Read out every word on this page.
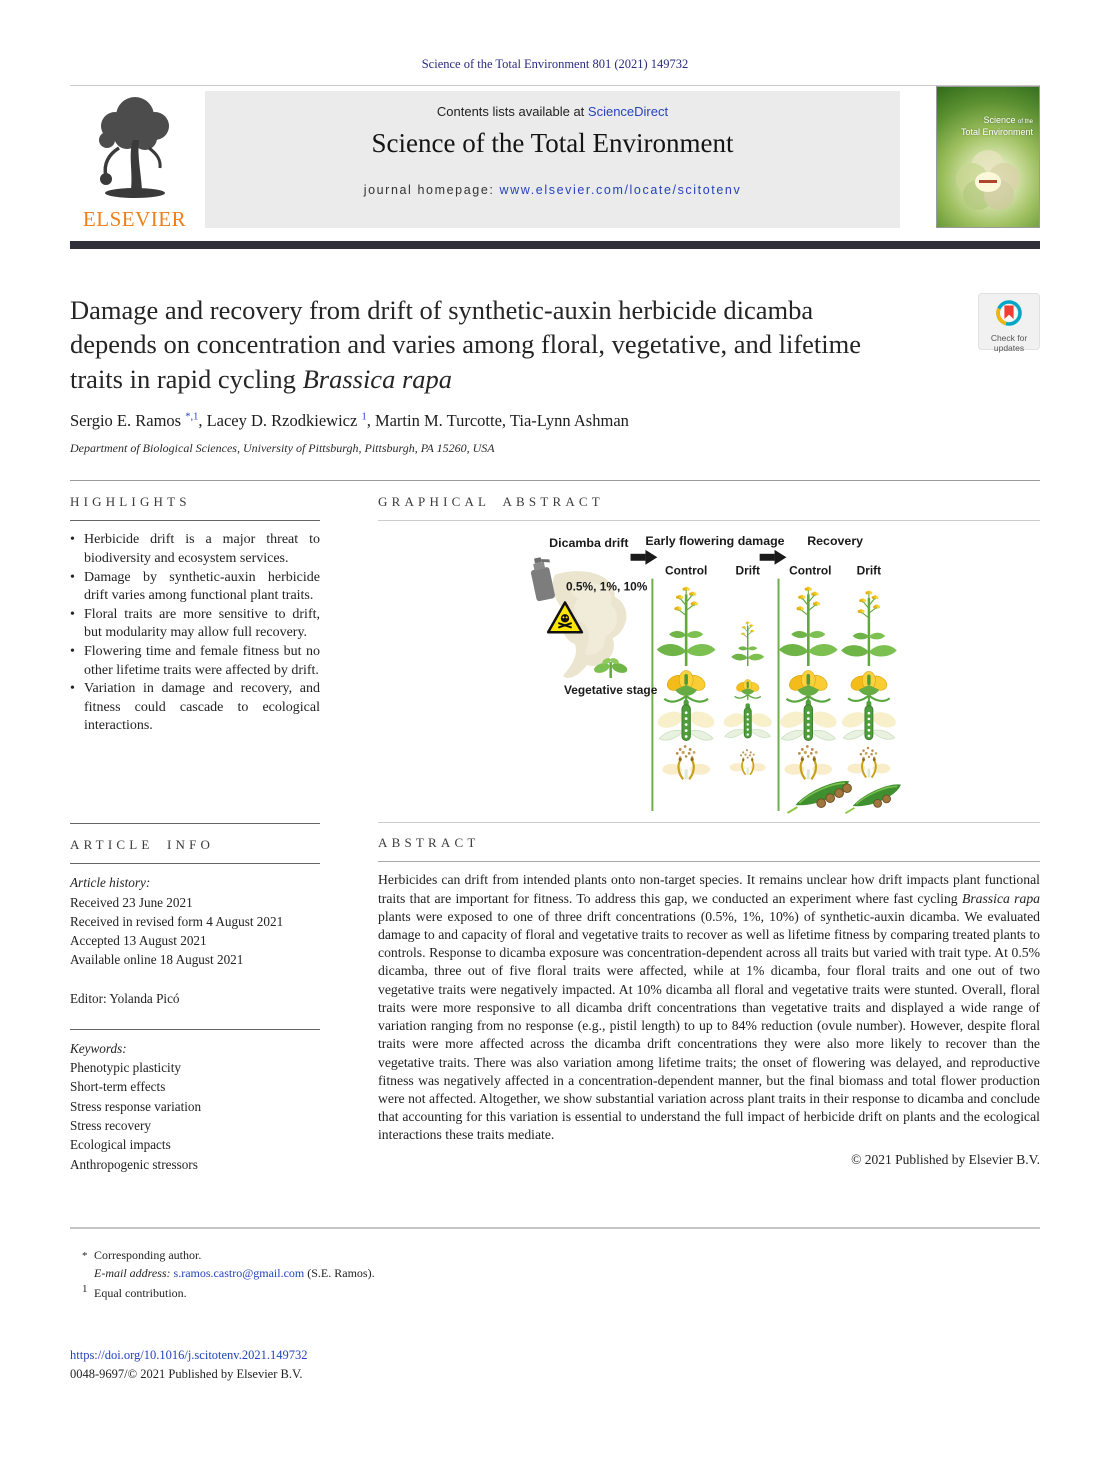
Science of the Total Environment 801 (2021) 149732
ELSEVIER
Contents lists available at ScienceDirect
Science of the Total Environment
journal homepage: www.elsevier.com/locate/scitotenv
Science of the
Total Environment
Damage and recovery from drift of synthetic-auxin herbicide dicamba depends on concentration and varies among floral, vegetative, and lifetime traits in rapid cycling Brassica rapa
Check for
updates
Sergio E. Ramos $^{*,1}$, Lacey D. Rzodkiewicz $^1$, Martin M. Turcotte, Tia-Lynn Ashman
Department of Biological Sciences, University of Pittsburgh, Pittsburgh, PA 15260, USA
HIGHLIGHTS
• Herbicide drift is a major threat to biodiversity and ecosystem services.
• Damage by synthetic-auxin herbicide drift varies among functional plant traits.
• Floral traits are more sensitive to drift, but modularity may allow full recovery.
• Flowering time and female fitness but no other lifetime traits were affected by drift.
• Variation in damage and recovery, and fitness could cascade to ecological interactions.
GRAPHICAL ABSTRACT
Dicamba drift Early flowering damage Recovery
Control Drift Control Drift
0.5%, 1%, 10%
Vegetative stage
ARTICLE INFO
Article history:
Received 23 June 2021
Received in revised form 4 August 2021
Accepted 13 August 2021
Available online 18 August 2021
Editor: Yolanda Picó
Keywords:
Phenotypic plasticity
Short-term effects
Stress response variation
Stress recovery
Ecological impacts
Anthropogenic stressors
ABSTRACT

Herbicides can drift from intended plants onto non-target species. It remains unclear how drift impacts plant functional traits that are important for fitness. To address this gap, we conducted an experiment where fast cycling Brassica rapa plants were exposed to one of three drift concentrations (0.5%, 1%, 10%) of synthetic-auxin dicamba. We evaluated damage to and capacity of floral and vegetative traits to recover as well as lifetime fitness by comparing treated plants to controls. Response to dicamba exposure was concentration-dependent across all traits but varied with trait type. At 0.5% dicamba, three out of five floral traits were affected, while at 1% dicamba, four floral traits and one out of two vegetative traits were negatively impacted. At 10% dicamba all floral and vegetative traits were stunted. Overall, floral traits were more responsive to all dicamba drift concentrations than vegetative traits and displayed a wide range of variation ranging from no response (e.g., pistil length) to up to 84% reduction (ovule number). However, despite floral traits were more affected across the dicamba drift concentrations they were also more likely to recover than the vegetative traits. There was also variation among lifetime traits; the onset of flowering was delayed, and reproductive fitness was negatively affected in a concentration-dependent manner, but the final biomass and total flower production were not affected. Altogether, we show substantial variation across plant traits in their response to dicamba and conclude that accounting for this variation is essential to understand the full impact of herbicide drift on plants and the ecological interactions these traits mediate.

© 2021 Published by Elsevier B.V.
* Corresponding author.
E-mail address: s.ramos.castro@gmail.com (S.E. Ramos).
1 Equal contribution.
https://doi.org/10.1016/j.scitotenv.2021.149732
0048-9697/© 2021 Published by Elsevier B.V.
